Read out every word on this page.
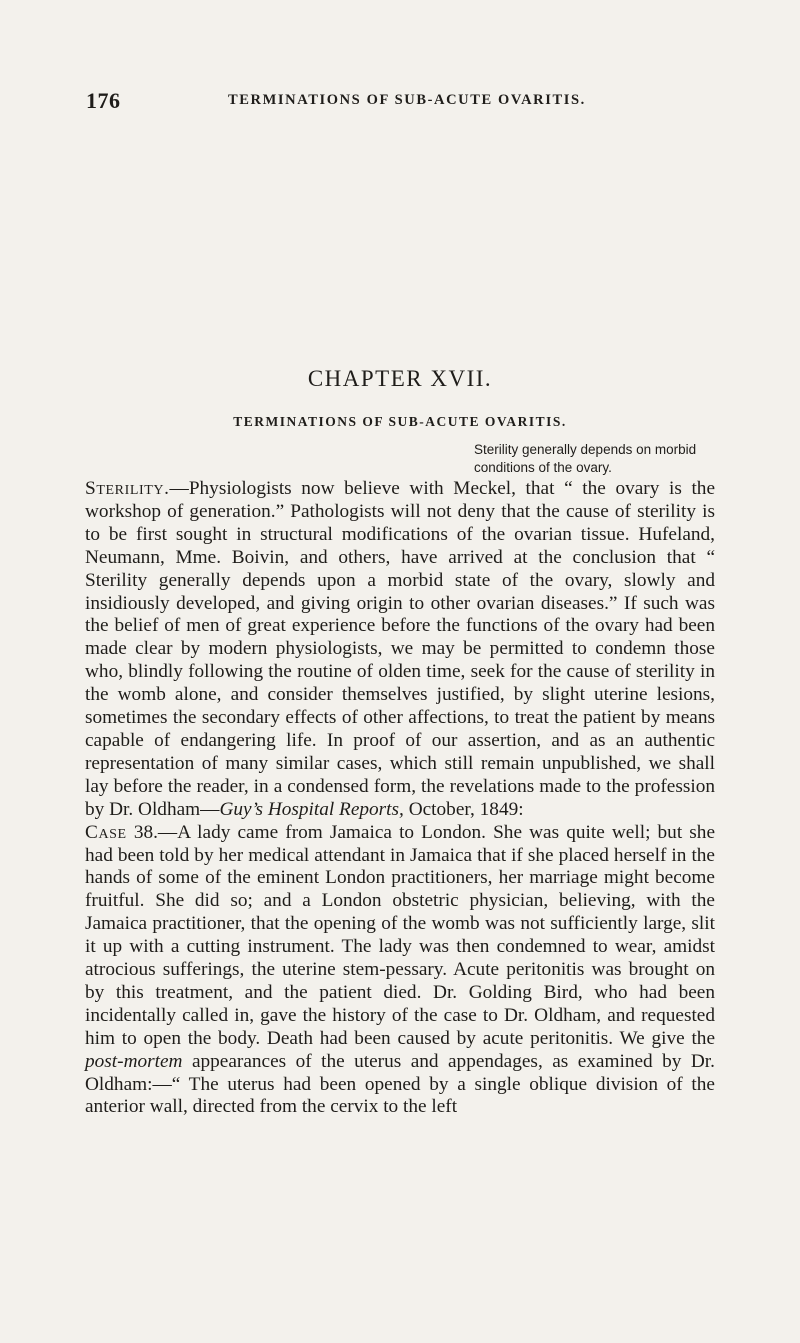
176	TERMINATIONS OF SUB-ACUTE OVARITIS.
CHAPTER XVII.
TERMINATIONS OF SUB-ACUTE OVARITIS.
Sterility generally depends on morbid conditions of the ovary.

Sterility.—Physiologists now believe with Meckel, that “ the ovary is the workshop of generation.” Pathologists will not deny that the cause of sterility is to be first sought in structural modifications of the ovarian tissue. Hufeland, Neumann, Mme. Boivin, and others, have arrived at the conclusion that “ Sterility generally depends upon a morbid state of the ovary, slowly and insidiously developed, and giving origin to other ovarian diseases.” If such was the belief of men of great experience before the functions of the ovary had been made clear by modern physiologists, we may be permitted to condemn those who, blindly following the routine of olden time, seek for the cause of sterility in the womb alone, and consider themselves justified, by slight uterine lesions, sometimes the secondary effects of other affections, to treat the patient by means capable of endangering life. In proof of our assertion, and as an authentic representation of many similar cases, which still remain unpublished, we shall lay before the reader, in a condensed form, the revelations made to the profession by Dr. Oldham—Guy’s Hospital Reports, October, 1849:

Case 38.—A lady came from Jamaica to London. She was quite well; but she had been told by her medical attendant in Jamaica that if she placed herself in the hands of some of the eminent London practitioners, her marriage might become fruitful. She did so; and a London obstetric physician, believing, with the Jamaica practitioner, that the opening of the womb was not sufficiently large, slit it up with a cutting instrument. The lady was then condemned to wear, amidst atrocious sufferings, the uterine stem-pessary. Acute peritonitis was brought on by this treatment, and the patient died. Dr. Golding Bird, who had been incidentally called in, gave the history of the case to Dr. Oldham, and requested him to open the body. Death had been caused by acute peritonitis. We give the post-mortem appearances of the uterus and appendages, as examined by Dr. Oldham:—“ The uterus had been opened by a single oblique division of the anterior wall, directed from the cervix to the left
